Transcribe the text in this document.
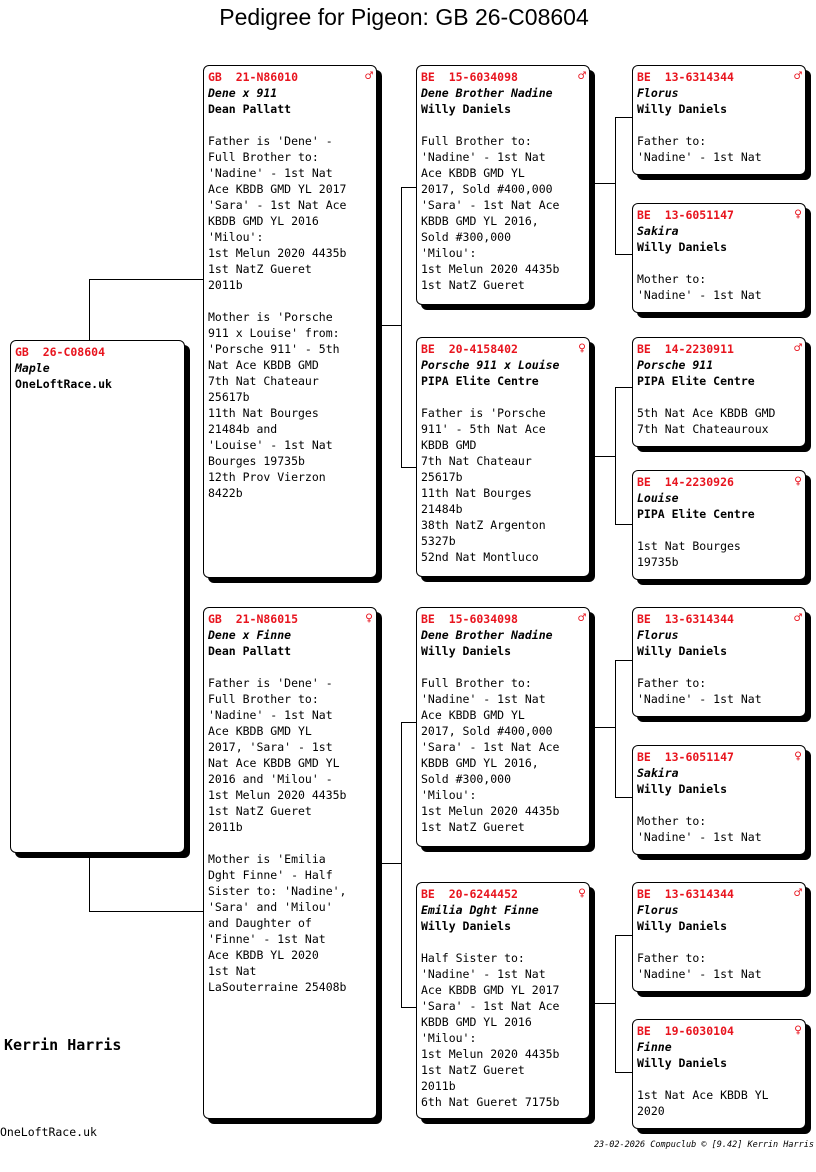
Pedigree for Pigeon: GB 26-C08604
GB  26-C08604
Maple
OneLoftRace.uk
GB  21-N86010	♂
Dene x 911
Dean Pallatt

Father is 'Dene' -
Full Brother to:
'Nadine' - 1st Nat
Ace KBDB GMD YL 2017
'Sara' - 1st Nat Ace
KBDB GMD YL 2016
'Milou':
1st Melun 2020 4435b
1st NatZ Gueret
2011b

Mother is 'Porsche
911 x Louise' from:
'Porsche 911' - 5th
Nat Ace KBDB GMD
7th Nat Chateaur
25617b
11th Nat Bourges
21484b and
'Louise' - 1st Nat
Bourges 19735b
12th Prov Vierzon
8422b
GB  21-N86015	♀
Dene x Finne
Dean Pallatt

Father is 'Dene' -
Full Brother to:
'Nadine' - 1st Nat
Ace KBDB GMD YL
2017, 'Sara' - 1st
Nat Ace KBDB GMD YL
2016 and 'Milou' -
1st Melun 2020 4435b
1st NatZ Gueret
2011b

Mother is 'Emilia
Dght Finne' - Half
Sister to: 'Nadine',
'Sara' and 'Milou'
and Daughter of
'Finne' - 1st Nat
Ace KBDB YL 2020
1st Nat
LaSouterraine 25408b
BE  15-6034098	♂
Dene Brother Nadine
Willy Daniels

Full Brother to:
'Nadine' - 1st Nat
Ace KBDB GMD YL
2017, Sold #400,000
'Sara' - 1st Nat Ace
KBDB GMD YL 2016,
Sold #300,000
'Milou':
1st Melun 2020 4435b
1st NatZ Gueret
BE  20-4158402	♀
Porsche 911 x Louise
PIPA Elite Centre

Father is 'Porsche
911' - 5th Nat Ace
KBDB GMD
7th Nat Chateaur
25617b
11th Nat Bourges
21484b
38th NatZ Argenton
5327b
52nd Nat Montluco
BE  15-6034098	♂
Dene Brother Nadine
Willy Daniels

Full Brother to:
'Nadine' - 1st Nat
Ace KBDB GMD YL
2017, Sold #400,000
'Sara' - 1st Nat Ace
KBDB GMD YL 2016,
Sold #300,000
'Milou':
1st Melun 2020 4435b
1st NatZ Gueret
BE  20-6244452	♀
Emilia Dght Finne
Willy Daniels

Half Sister to:
'Nadine' - 1st Nat
Ace KBDB GMD YL 2017
'Sara' - 1st Nat Ace
KBDB GMD YL 2016
'Milou':
1st Melun 2020 4435b
1st NatZ Gueret
2011b
6th Nat Gueret 7175b
BE  13-6314344	♂
Florus
Willy Daniels

Father to:
'Nadine' - 1st Nat
BE  13-6051147	♀
Sakira
Willy Daniels

Mother to:
'Nadine' - 1st Nat
BE  14-2230911	♂
Porsche 911
PIPA Elite Centre

5th Nat Ace KBDB GMD
7th Nat Chateauroux
BE  14-2230926	♀
Louise
PIPA Elite Centre

1st Nat Bourges
19735b
BE  13-6314344	♂
Florus
Willy Daniels

Father to:
'Nadine' - 1st Nat
BE  13-6051147	♀
Sakira
Willy Daniels

Mother to:
'Nadine' - 1st Nat
BE  13-6314344	♂
Florus
Willy Daniels

Father to:
'Nadine' - 1st Nat
BE  19-6030104	♀
Finne
Willy Daniels

1st Nat Ace KBDB YL
2020
Kerrin Harris
OneLoftRace.uk
23-02-2026 Compuclub © [9.42] Kerrin Harris
